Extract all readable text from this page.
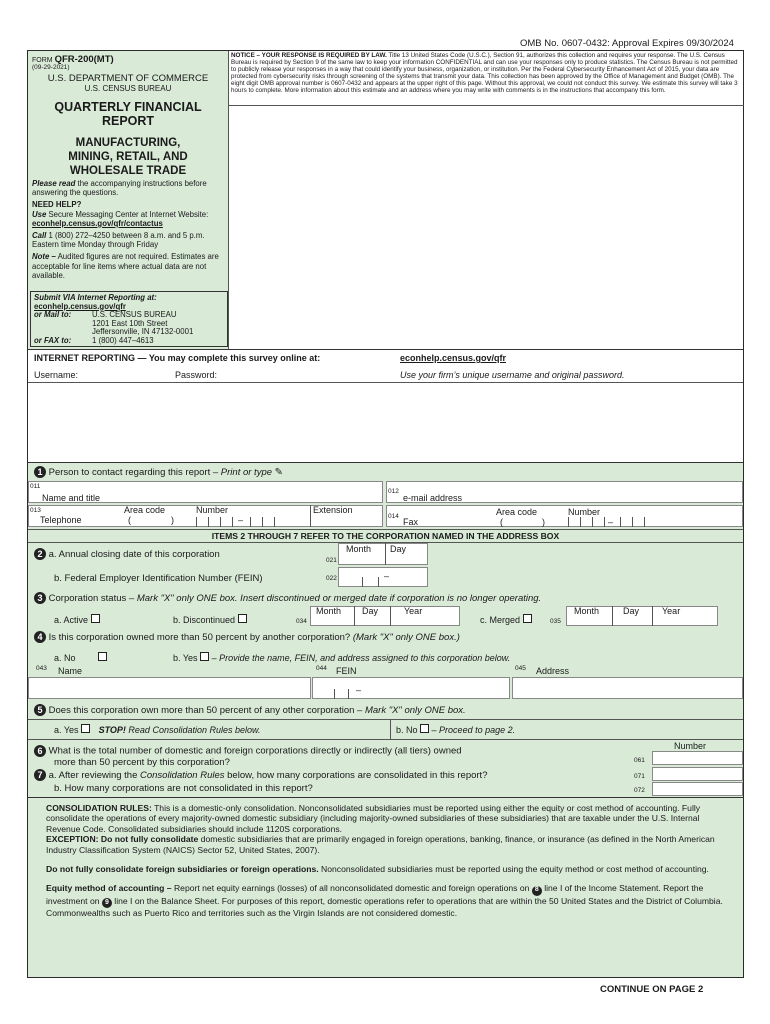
OMB No. 0607-0432: Approval Expires 09/30/2024
FORM QFR-200(MT)
(09-29-2021)
U.S. DEPARTMENT OF COMMERCE
U.S. CENSUS BUREAU
QUARTERLY FINANCIAL
REPORT
MANUFACTURING,
MINING, RETAIL, AND
WHOLESALE TRADE
Please read the accompanying instructions before answering the questions.
NEED HELP?
Use Secure Messaging Center at Internet Website:
econhelp.census.gov/qfr/contactus
Call 1 (800) 272–4250 between 8 a.m. and 5 p.m. Eastern time Monday through Friday
Note – Audited figures are not required. Estimates are acceptable for line items where actual data are not available.
Submit VIA Internet Reporting at:
econhelp.census.gov/qfr
or Mail to:	U.S. CENSUS BUREAU
1201 East 10th Street
Jeffersonville, IN 47132-0001
or FAX to:	1 (800) 447–4613
NOTICE – YOUR RESPONSE IS REQUIRED BY LAW. Title 13 United States Code (U.S.C.), Section 91, authorizes this collection and requires your response. The U.S. Census Bureau is required by Section 9 of the same law to keep your information CONFIDENTIAL and can use your responses only to produce statistics. The Census Bureau is not permitted to publicly release your responses in a way that could identify your business, organization, or institution. Per the Federal Cybersecurity Enhancement Act of 2015, your data are protected from cybersecurity risks through screening of the systems that transmit your data. This collection has been approved by the Office of Management and Budget (OMB). The eight digit OMB approval number is 0607-0432 and appears at the upper right of this page. Without this approval, we could not conduct this survey. We estimate this survey will take 3 hours to complete. More information about this estimate and an address where you may write with comments is in the instructions that accompany this form.
INTERNET REPORTING — You may complete this survey online at:	econhelp.census.gov/qfr
Username:	Password:	Use your firm’s unique username and original password.
1 Person to contact regarding this report – Print or type ✎
011
Name and title
012
e-mail address
013
Telephone
Area code
(	)
Number
–
Extension
014
Fax
Area code
(	)
Number
–
ITEMS 2 THROUGH 7 REFER TO THE CORPORATION NAMED IN THE ADDRESS BOX
2 a. Annual closing date of this corporation
021
Month Day
b. Federal Employer Identification Number (FEIN)	022	–
3 Corporation status – Mark "X" only ONE box. Insert discontinued or merged date if corporation is no longer operating.
a. Active	b. Discontinued	034
Month Day	Year
c. Merged	035
Month	Day	Year
4 Is this corporation owned more than 50 percent by another corporation? (Mark "X" only ONE box.)
a. No	b. Yes – Provide the name, FEIN, and address assigned to this corporation below.
043 Name	044 FEIN	045 Address
–
5 Does this corporation own more than 50 percent of any other corporation – Mark "X" only ONE box.
a. Yes STOP! Read Consolidation Rules below.	b. No – Proceed to page 2.
6 What is the total number of domestic and foreign corporations directly or indirectly (all tiers) owned
more than 50 percent by this corporation?
Number
061
7 a. After reviewing the Consolidation Rules below, how many corporations are consolidated in this report?	071
b. How many corporations are not consolidated in this report?	072

CONSOLIDATION RULES: This is a domestic-only consolidation. Nonconsolidated subsidiaries must be reported using either the equity or cost method of accounting. Fully consolidate the operations of every majority-owned domestic subsidiary (including majority-owned subsidiaries of these subsidiaries) that are taxable under the U.S. Internal Revenue Code. Consolidated subsidiaries should include 1120S corporations.

EXCEPTION: Do not fully consolidate domestic subsidiaries that are primarily engaged in foreign operations, banking, finance, or insurance (as defined in the North American Industry Classification System (NAICS) Sector 52, United States, 2007).

Do not fully consolidate foreign subsidiaries or foreign operations. Nonconsolidated subsidiaries must be reported using the equity method or cost method of accounting.

Equity method of accounting – Report net equity earnings (losses) of all nonconsolidated domestic and foreign operations on 8 line I of the Income Statement. Report the investment on 9 line I on the Balance Sheet. For purposes of this report, domestic operations refer to operations that are within the 50 United States and the District of Columbia. Commonwealths such as Puerto Rico and territories such as the Virgin Islands are not considered domestic.

CONTINUE ON PAGE 2
